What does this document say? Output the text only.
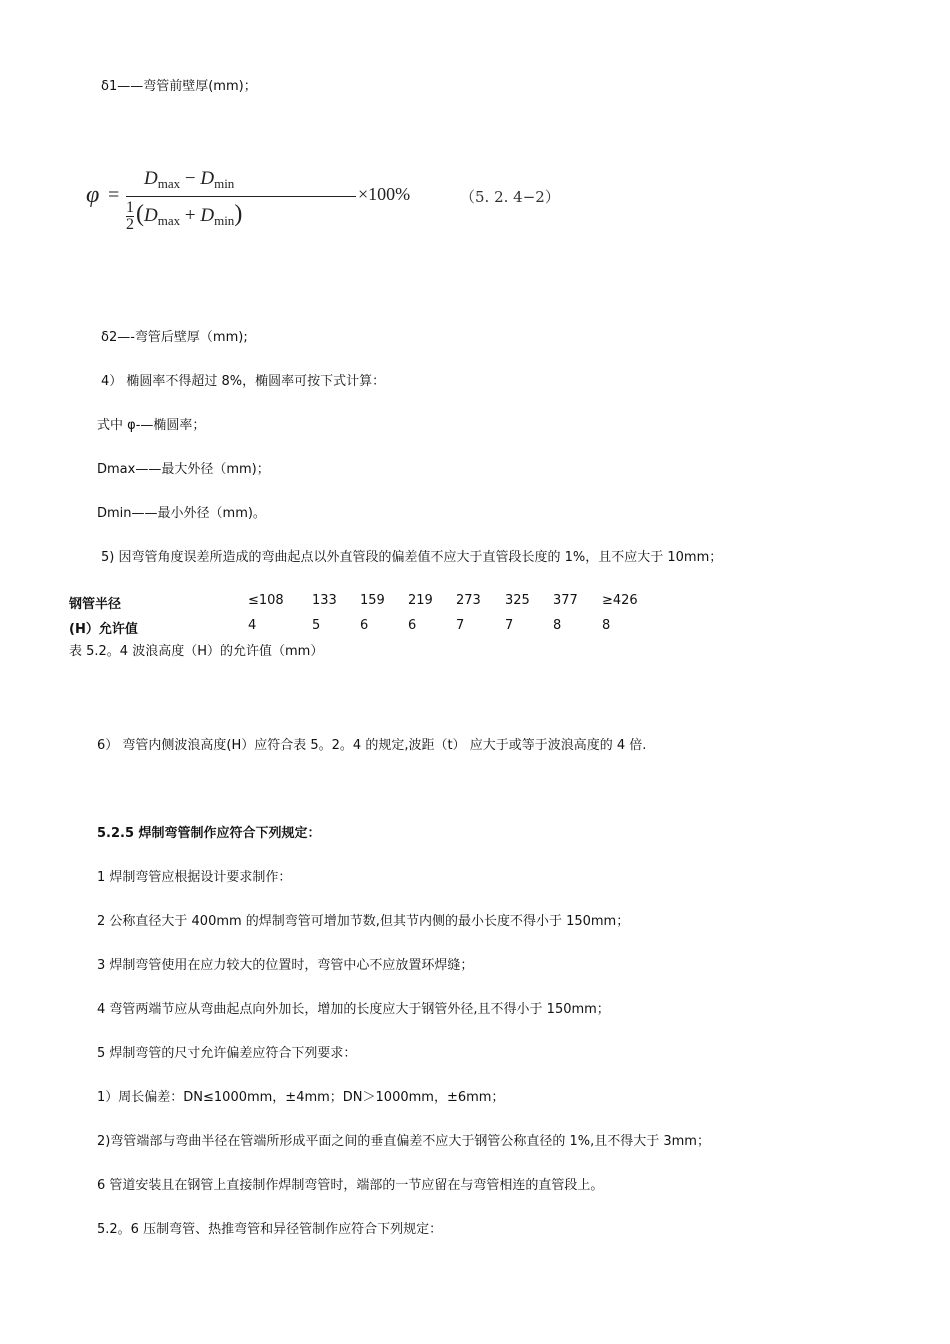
δ1——弯管前壁厚(mm)；
φ =
$D_{max} - D_{min}$
$\frac{1}{2} (D_{max} + D_{min})$
×100%	（5. 2. 4−2）
δ2—-弯管后壁厚（mm);
4） 椭圆率不得超过 8%，椭圆率可按下式计算：
式中 φ-—椭圆率；
Dmax——最大外径（mm)；
Dmin——最小外径（mm)。
5) 因弯管角度误差所造成的弯曲起点以外直管段的偏差值不应大于直管段长度的 1%，且不应大于 10mm；
钢管半径	≤108 133 159 219 273 325 377 ≥426
(H）允许值	4	5	6	6	7	7	8	8
表 5.2。4 波浪高度（H）的允许值（mm）
6） 弯管内侧波浪高度(H）应符合表 5。2。4 的规定,波距（t） 应大于或等于波浪高度的 4 倍.
5.2.5 焊制弯管制作应符合下列规定：
1 焊制弯管应根据设计要求制作：
2 公称直径大于 400mm 的焊制弯管可增加节数,但其节内侧的最小长度不得小于 150mm；
3 焊制弯管使用在应力较大的位置时，弯管中心不应放置环焊缝；
4 弯管两端节应从弯曲起点向外加长，增加的长度应大于钢管外径,且不得小于 150mm；
5 焊制弯管的尺寸允许偏差应符合下列要求：
1）周长偏差：DN≤1000mm，±4mm；DN＞1000mm，±6mm；
2)弯管端部与弯曲半径在管端所形成平面之间的垂直偏差不应大于钢管公称直径的 1%,且不得大于 3mm；
6 管道安装且在钢管上直接制作焊制弯管时，端部的一节应留在与弯管相连的直管段上。
5.2。6 压制弯管、热推弯管和异径管制作应符合下列规定：
